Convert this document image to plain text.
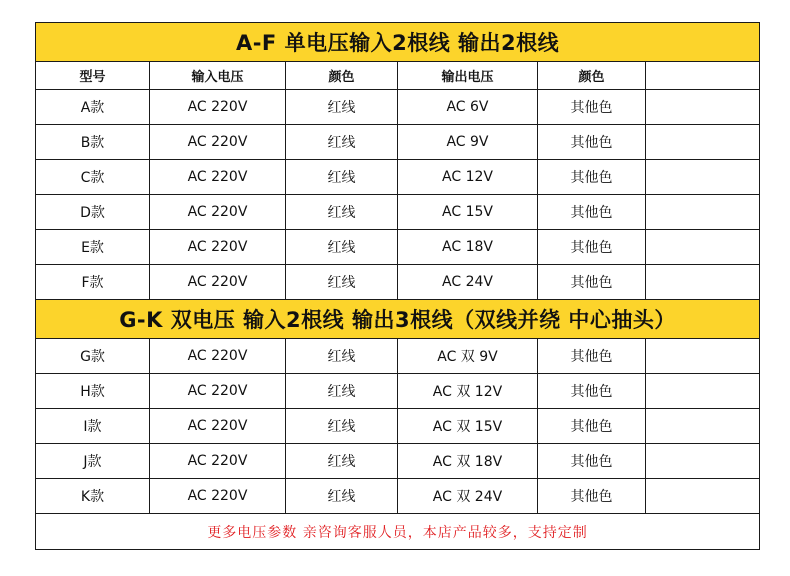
A-F 单电压输入2根线 输出2根线					
型号	输入电压	颜色	输出电压	颜色	
A款	AC 220V	红线	AC 6V	其他色	
B款	AC 220V	红线	AC 9V	其他色	
C款	AC 220V	红线	AC 12V	其他色	
D款	AC 220V	红线	AC 15V	其他色	
E款	AC 220V	红线	AC 18V	其他色	
F款	AC 220V	红线	AC 24V	其他色	
G-K 双电压 输入2根线 输出3根线（双线并绕 中心抽头）					
G款	AC 220V	红线	AC 双 9V	其他色	
H款	AC 220V	红线	AC 双 12V	其他色	
I款	AC 220V	红线	AC 双 15V	其他色	
J款	AC 220V	红线	AC 双 18V	其他色	
K款	AC 220V	红线	AC 双 24V	其他色	
更多电压参数 亲咨询客服人员，本店产品较多，支持定制					
